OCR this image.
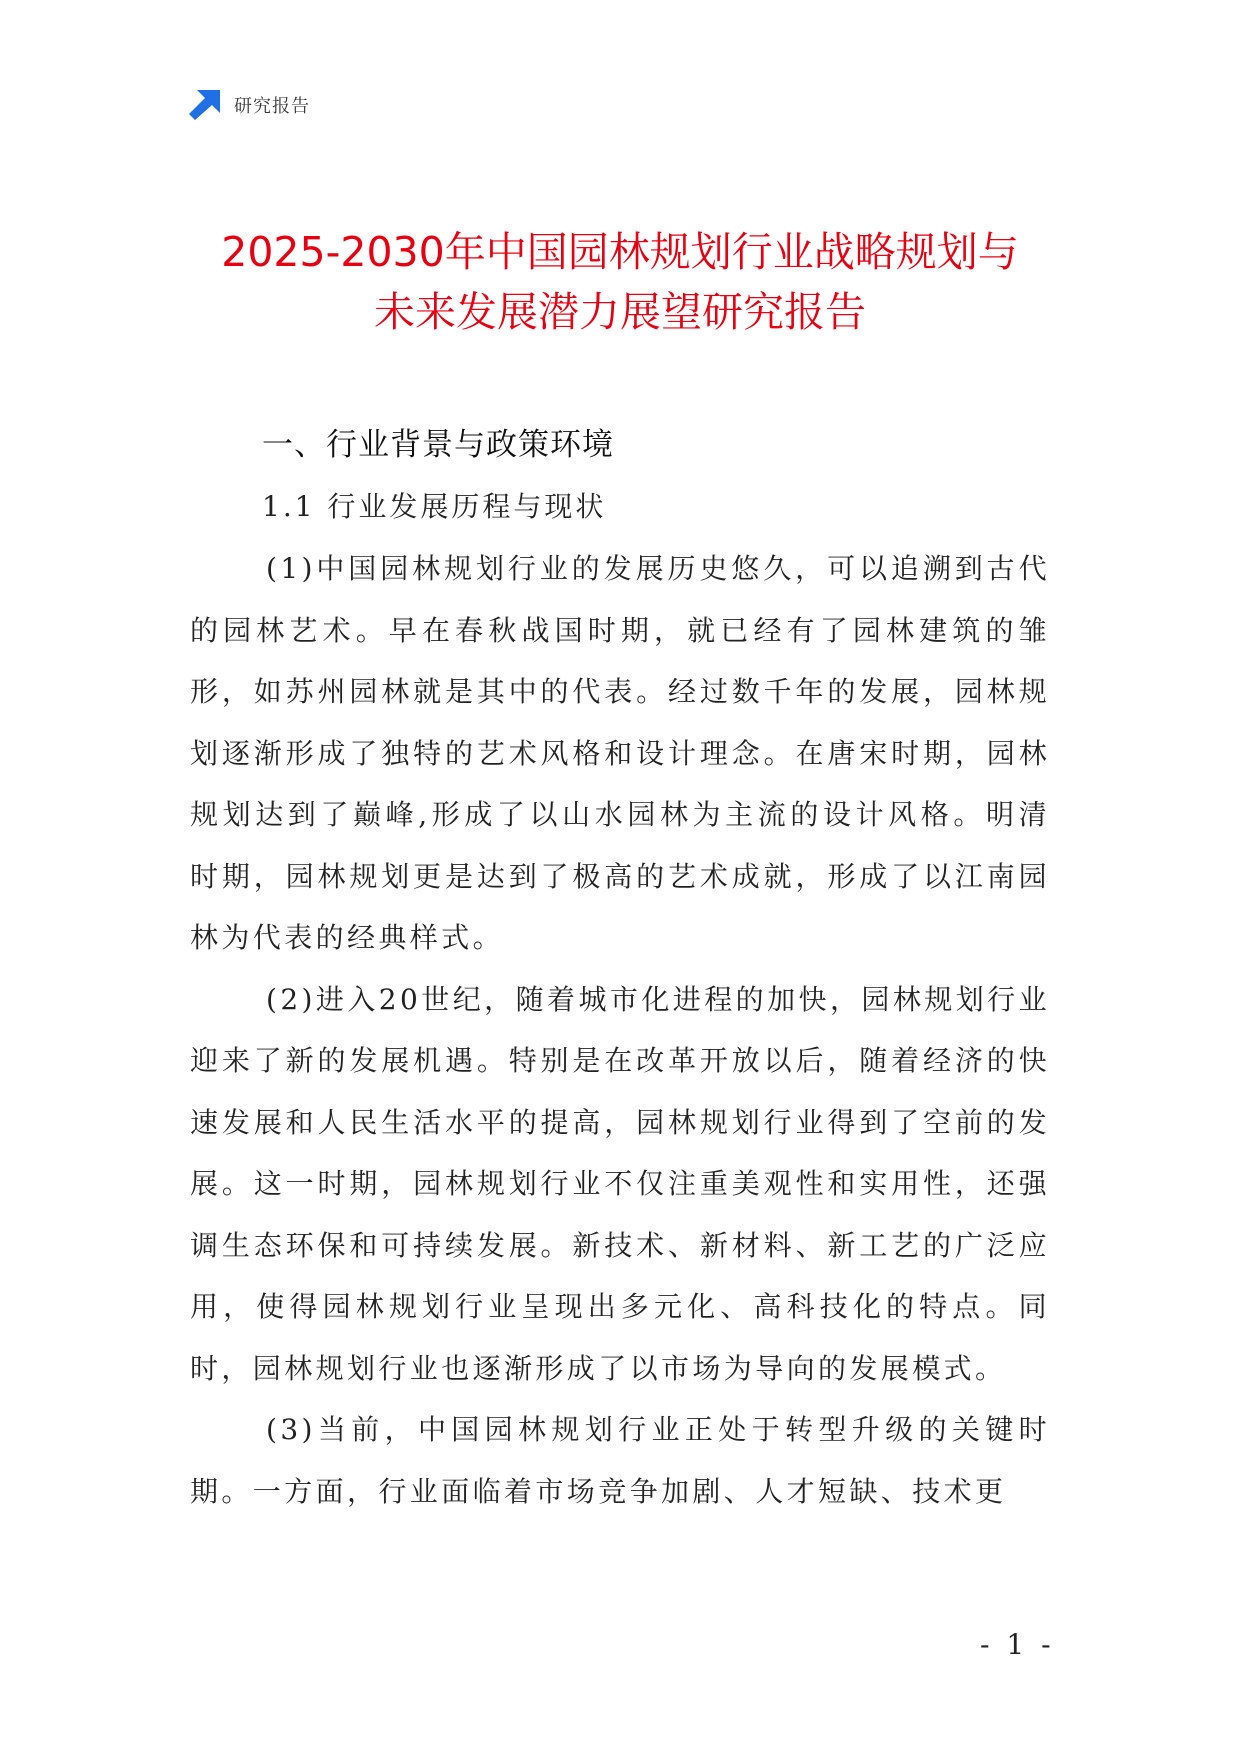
研究报告
2025-2030年中国园林规划行业战略规划与
未来发展潜力展望研究报告
一、行业背景与政策环境
1.1 行业发展历程与现状

(1)中国园林规划行业的发展历史悠久，可以追溯到古代的园林艺术。早在春秋战国时期，就已经有了园林建筑的雏形，如苏州园林就是其中的代表。经过数千年的发展，园林规划逐渐形成了独特的艺术风格和设计理念。在唐宋时期，园林规划达到了巅峰,形成了以山水园林为主流的设计风格。明清时期，园林规划更是达到了极高的艺术成就，形成了以江南园林为代表的经典样式。

(2)进入20世纪，随着城市化进程的加快，园林规划行业迎来了新的发展机遇。特别是在改革开放以后，随着经济的快速发展和人民生活水平的提高，园林规划行业得到了空前的发展。这一时期，园林规划行业不仅注重美观性和实用性，还强调生态环保和可持续发展。新技术、新材料、新工艺的广泛应用，使得园林规划行业呈现出多元化、高科技化的特点。同时，园林规划行业也逐渐形成了以市场为导向的发展模式。

(3)当前，中国园林规划行业正处于转型升级的关键时期。一方面，行业面临着市场竞争加剧、人才短缺、技术更

- 1 -
